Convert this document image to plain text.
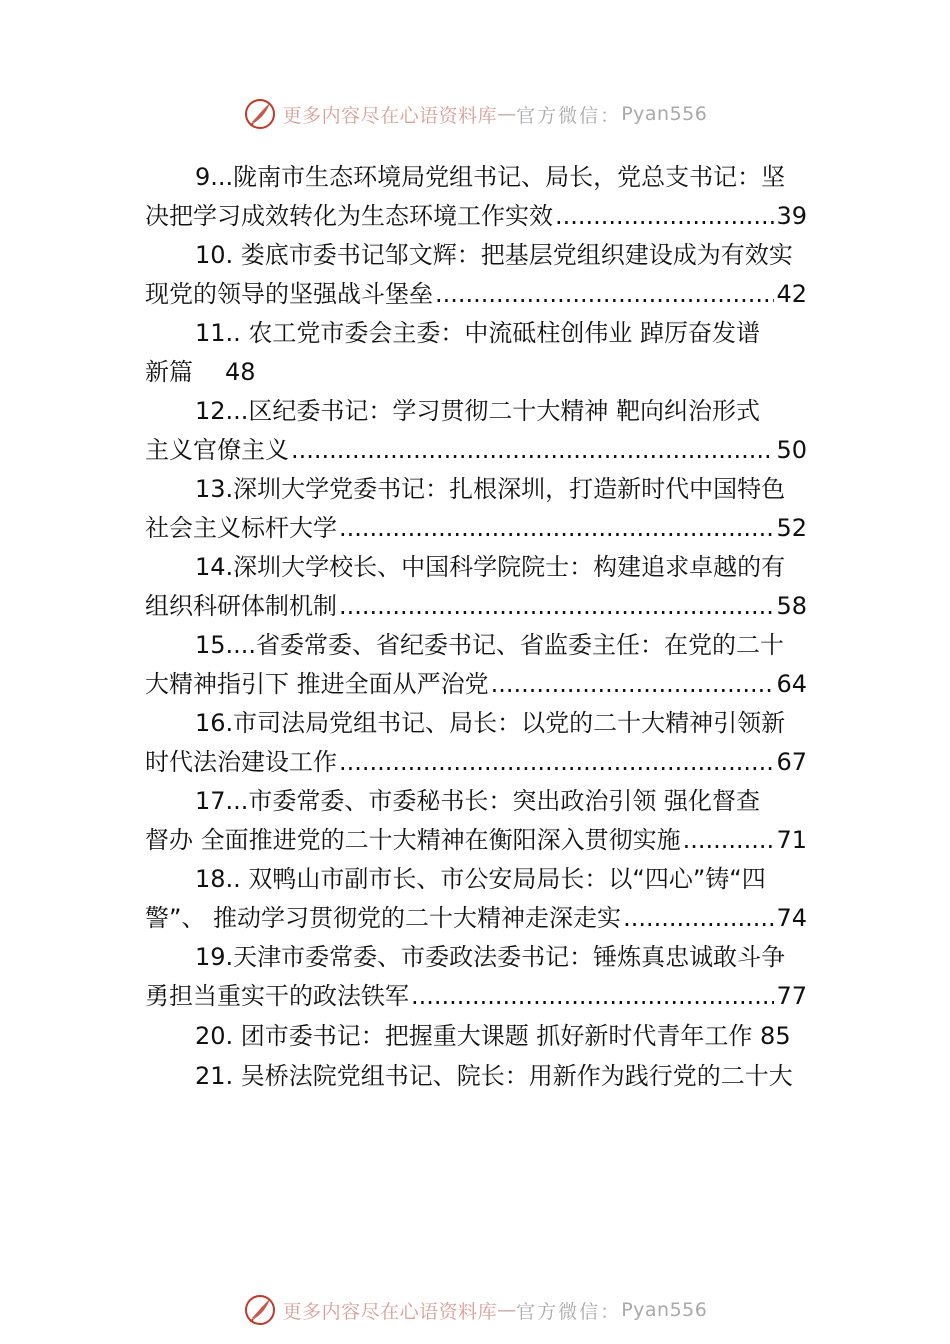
更多内容尽在心语资料库 — 官方微信： Pyan556
9...陇南市生态环境局党组书记、局长，党总支书记：坚
决把学习成效转化为生态环境工作实效 .....	39
10. 娄底市委书记邹文辉：把基层党组织建设成为有效实
现党的领导的坚强战斗堡垒 .....	42
11.. 农工党市委会主委：中流砥柱创伟业 踔厉奋发谱
新篇 48
12...区纪委书记：学习贯彻二十大精神 靶向纠治形式
主义官僚主义 .....	50
13.深圳大学党委书记：扎根深圳，打造新时代中国特色
社会主义标杆大学 .....	52
14.深圳大学校长、中国科学院院士：构建追求卓越的有
组织科研体制机制 .....	58
15....省委常委、省纪委书记、省监委主任：在党的二十
大精神指引下 推进全面从严治党 .....	64
16.市司法局党组书记、局长：以党的二十大精神引领新
时代法治建设工作 .....	67
17...市委常委、市委秘书长：突出政治引领 强化督查
督办 全面推进党的二十大精神在衡阳深入贯彻实施 .....	71
18.. 双鸭山市副市长、市公安局局长：以“四心”铸“四
警”、 推动学习贯彻党的二十大精神走深走实 .....	74
19.天津市委常委、市委政法委书记：锤炼真忠诚敢斗争
勇担当重实干的政法铁军 .....	77
20. 团市委书记：把握重大课题 抓好新时代青年工作 85
21. 吴桥法院党组书记、院长：用新作为践行党的二十大
更多内容尽在心语资料库 — 官方微信： Pyan556
